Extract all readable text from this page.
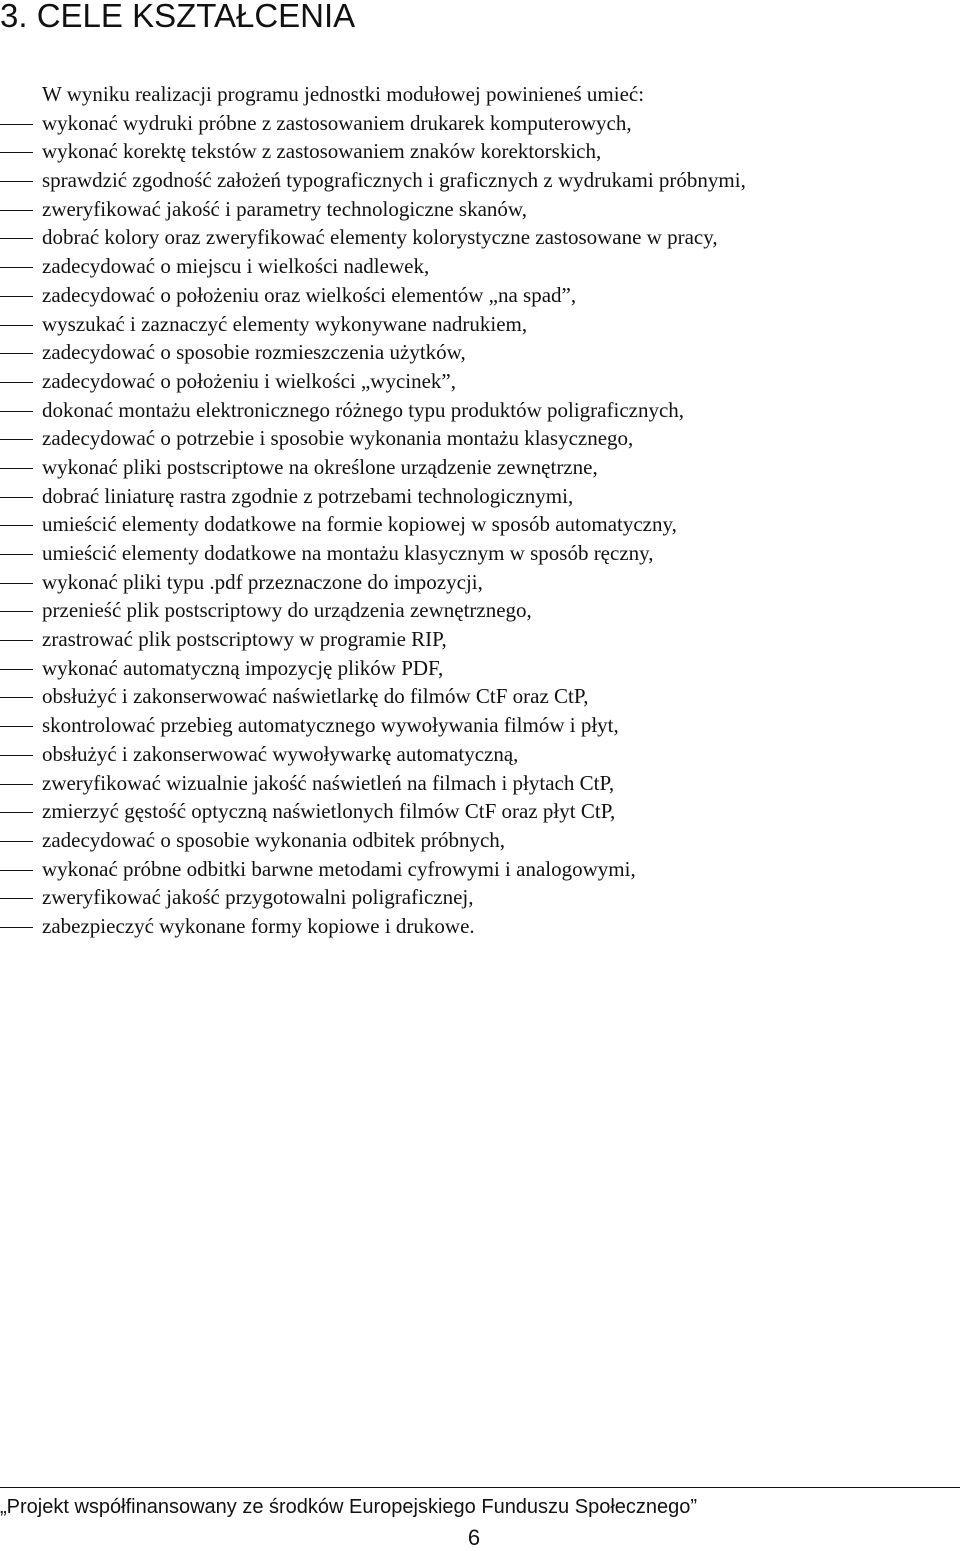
3. CELE KSZTAŁCENIA

W wyniku realizacji programu jednostki modułowej powinieneś umieć:

wykonać wydruki próbne z zastosowaniem drukarek komputerowych,
wykonać korektę tekstów z zastosowaniem znaków korektorskich,
sprawdzić zgodność założeń typograficznych i graficznych z wydrukami próbnymi,
zweryfikować jakość i parametry technologiczne skanów,
dobrać kolory oraz zweryfikować elementy kolorystyczne zastosowane w pracy,
zadecydować o miejscu i wielkości nadlewek,
zadecydować o położeniu oraz wielkości elementów „na spad”,
wyszukać i zaznaczyć elementy wykonywane nadrukiem,
zadecydować o sposobie rozmieszczenia użytków,
zadecydować o położeniu i wielkości „wycinek”,
dokonać montażu elektronicznego różnego typu produktów poligraficznych,
zadecydować o potrzebie i sposobie wykonania montażu klasycznego,
wykonać pliki postscriptowe na określone urządzenie zewnętrzne,
dobrać liniaturę rastra zgodnie z potrzebami technologicznymi,
umieścić elementy dodatkowe na formie kopiowej w sposób automatyczny,
umieścić elementy dodatkowe na montażu klasycznym w sposób ręczny,
wykonać pliki typu .pdf przeznaczone do impozycji,
przenieść plik postscriptowy do urządzenia zewnętrznego,
zrastrować plik postscriptowy w programie RIP,
wykonać automatyczną impozycję plików PDF,
obsłużyć i zakonserwować naświetlarkę do filmów CtF oraz CtP,
skontrolować przebieg automatycznego wywoływania filmów i płyt,
obsłużyć i zakonserwować wywoływarkę automatyczną,
zweryfikować wizualnie jakość naświetleń na filmach i płytach CtP,
zmierzyć gęstość optyczną naświetlonych filmów CtF oraz płyt CtP,
zadecydować o sposobie wykonania odbitek próbnych,
wykonać próbne odbitki barwne metodami cyfrowymi i analogowymi,
zweryfikować jakość przygotowalni poligraficznej,
zabezpieczyć wykonane formy kopiowe i drukowe.

„Projekt współfinansowany ze środków Europejskiego Funduszu Społecznego”

6
